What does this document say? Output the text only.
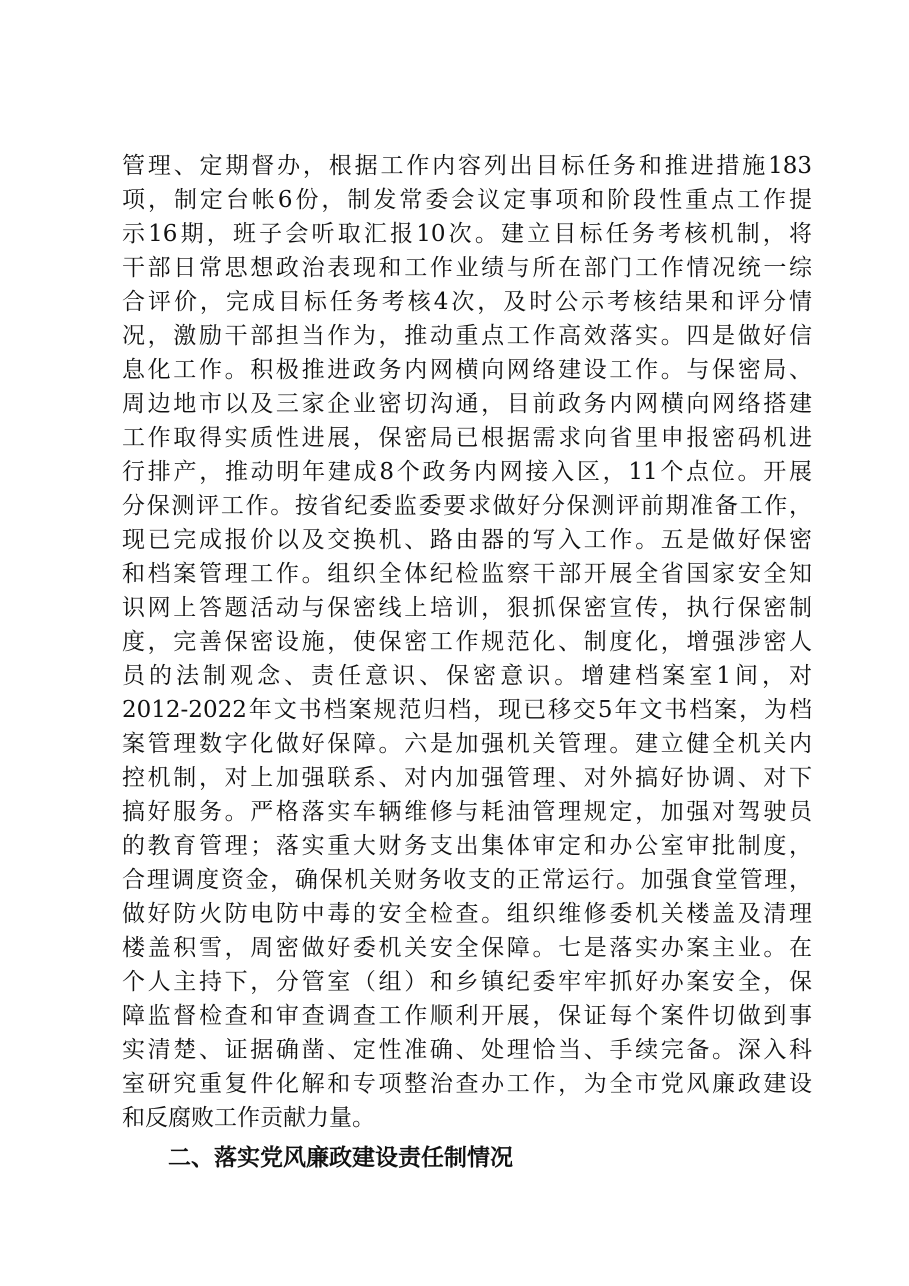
管理、定期督办，根据工作内容列出目标任务和推进措施183
项，制定台帐6份，制发常委会议定事项和阶段性重点工作提
示16期，班子会听取汇报10次。建立目标任务考核机制，将
干部日常思想政治表现和工作业绩与所在部门工作情况统一综
合评价，完成目标任务考核4次，及时公示考核结果和评分情
况，激励干部担当作为，推动重点工作高效落实。四是做好信
息化工作。积极推进政务内网横向网络建设工作。与保密局、
周边地市以及三家企业密切沟通，目前政务内网横向网络搭建
工作取得实质性进展，保密局已根据需求向省里申报密码机进
行排产，推动明年建成8个政务内网接入区，11个点位。开展
分保测评工作。按省纪委监委要求做好分保测评前期准备工作，
现已完成报价以及交换机、路由器的写入工作。五是做好保密
和档案管理工作。组织全体纪检监察干部开展全省国家安全知
识网上答题活动与保密线上培训，狠抓保密宣传，执行保密制
度，完善保密设施，使保密工作规范化、制度化，增强涉密人
员的法制观念、责任意识、保密意识。增建档案室1间，对
2012-2022年文书档案规范归档，现已移交5年文书档案，为档
案管理数字化做好保障。六是加强机关管理。建立健全机关内
控机制，对上加强联系、对内加强管理、对外搞好协调、对下
搞好服务。严格落实车辆维修与耗油管理规定，加强对驾驶员
的教育管理；落实重大财务支出集体审定和办公室审批制度，
合理调度资金，确保机关财务收支的正常运行。加强食堂管理，
做好防火防电防中毒的安全检查。组织维修委机关楼盖及清理
楼盖积雪，周密做好委机关安全保障。七是落实办案主业。在
个人主持下，分管室（组）和乡镇纪委牢牢抓好办案安全，保
障监督检查和审查调查工作顺利开展，保证每个案件切做到事
实清楚、证据确凿、定性准确、处理恰当、手续完备。深入科
室研究重复件化解和专项整治查办工作，为全市党风廉政建设
和反腐败工作贡献力量。
二、落实党风廉政建设责任制情况
